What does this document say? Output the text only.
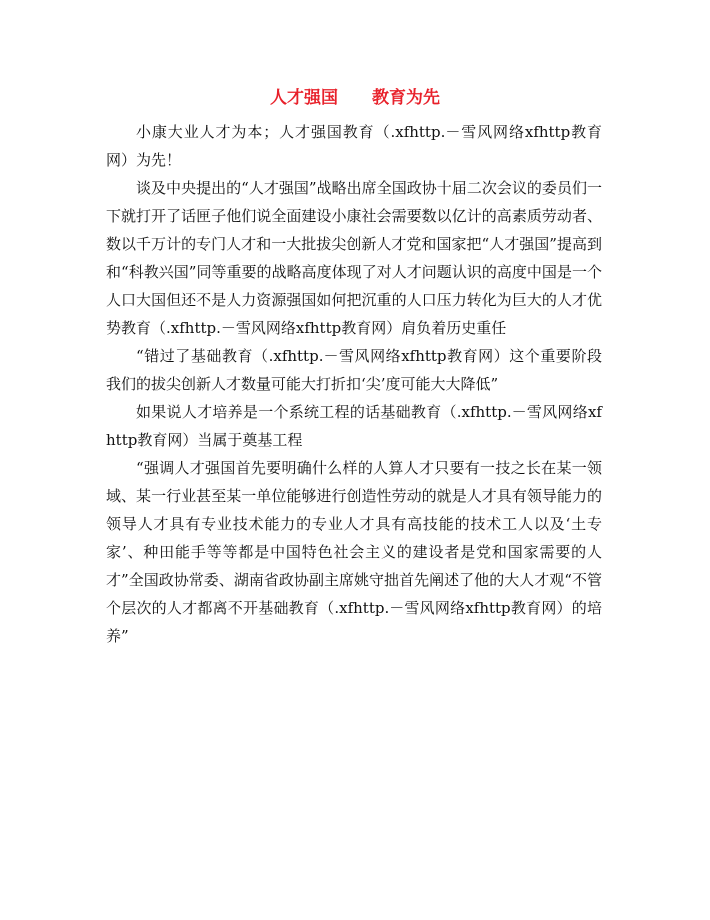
人才强国　　教育为先

小康大业人才为本；人才强国教育（.xfhttp.－雪风网络xfhttp教育网）为先！

谈及中央提出的“人才强国”战略出席全国政协十届二次会议的委员们一下就打开了话匣子他们说全面建设小康社会需要数以亿计的高素质劳动者、数以千万计的专门人才和一大批拔尖创新人才党和国家把“人才强国”提高到和“科教兴国”同等重要的战略高度体现了对人才问题认识的高度中国是一个人口大国但还不是人力资源强国如何把沉重的人口压力转化为巨大的人才优势教育（.xfhttp.－雪风网络xfhttp教育网）肩负着历史重任

“错过了基础教育（.xfhttp.－雪风网络xfhttp教育网）这个重要阶段我们的拔尖创新人才数量可能大打折扣‘尖’度可能大大降低”

如果说人才培养是一个系统工程的话基础教育（.xfhttp.－雪风网络xfhttp教育网）当属于奠基工程

“强调人才强国首先要明确什么样的人算人才只要有一技之长在某一领域、某一行业甚至某一单位能够进行创造性劳动的就是人才具有领导能力的领导人才具有专业技术能力的专业人才具有高技能的技术工人以及‘土专家’、种田能手等等都是中国特色社会主义的建设者是党和国家需要的人才”全国政协常委、湖南省政协副主席姚守拙首先阐述了他的大人才观“不管个层次的人才都离不开基础教育（.xfhttp.－雪风网络xfhttp教育网）的培养”
